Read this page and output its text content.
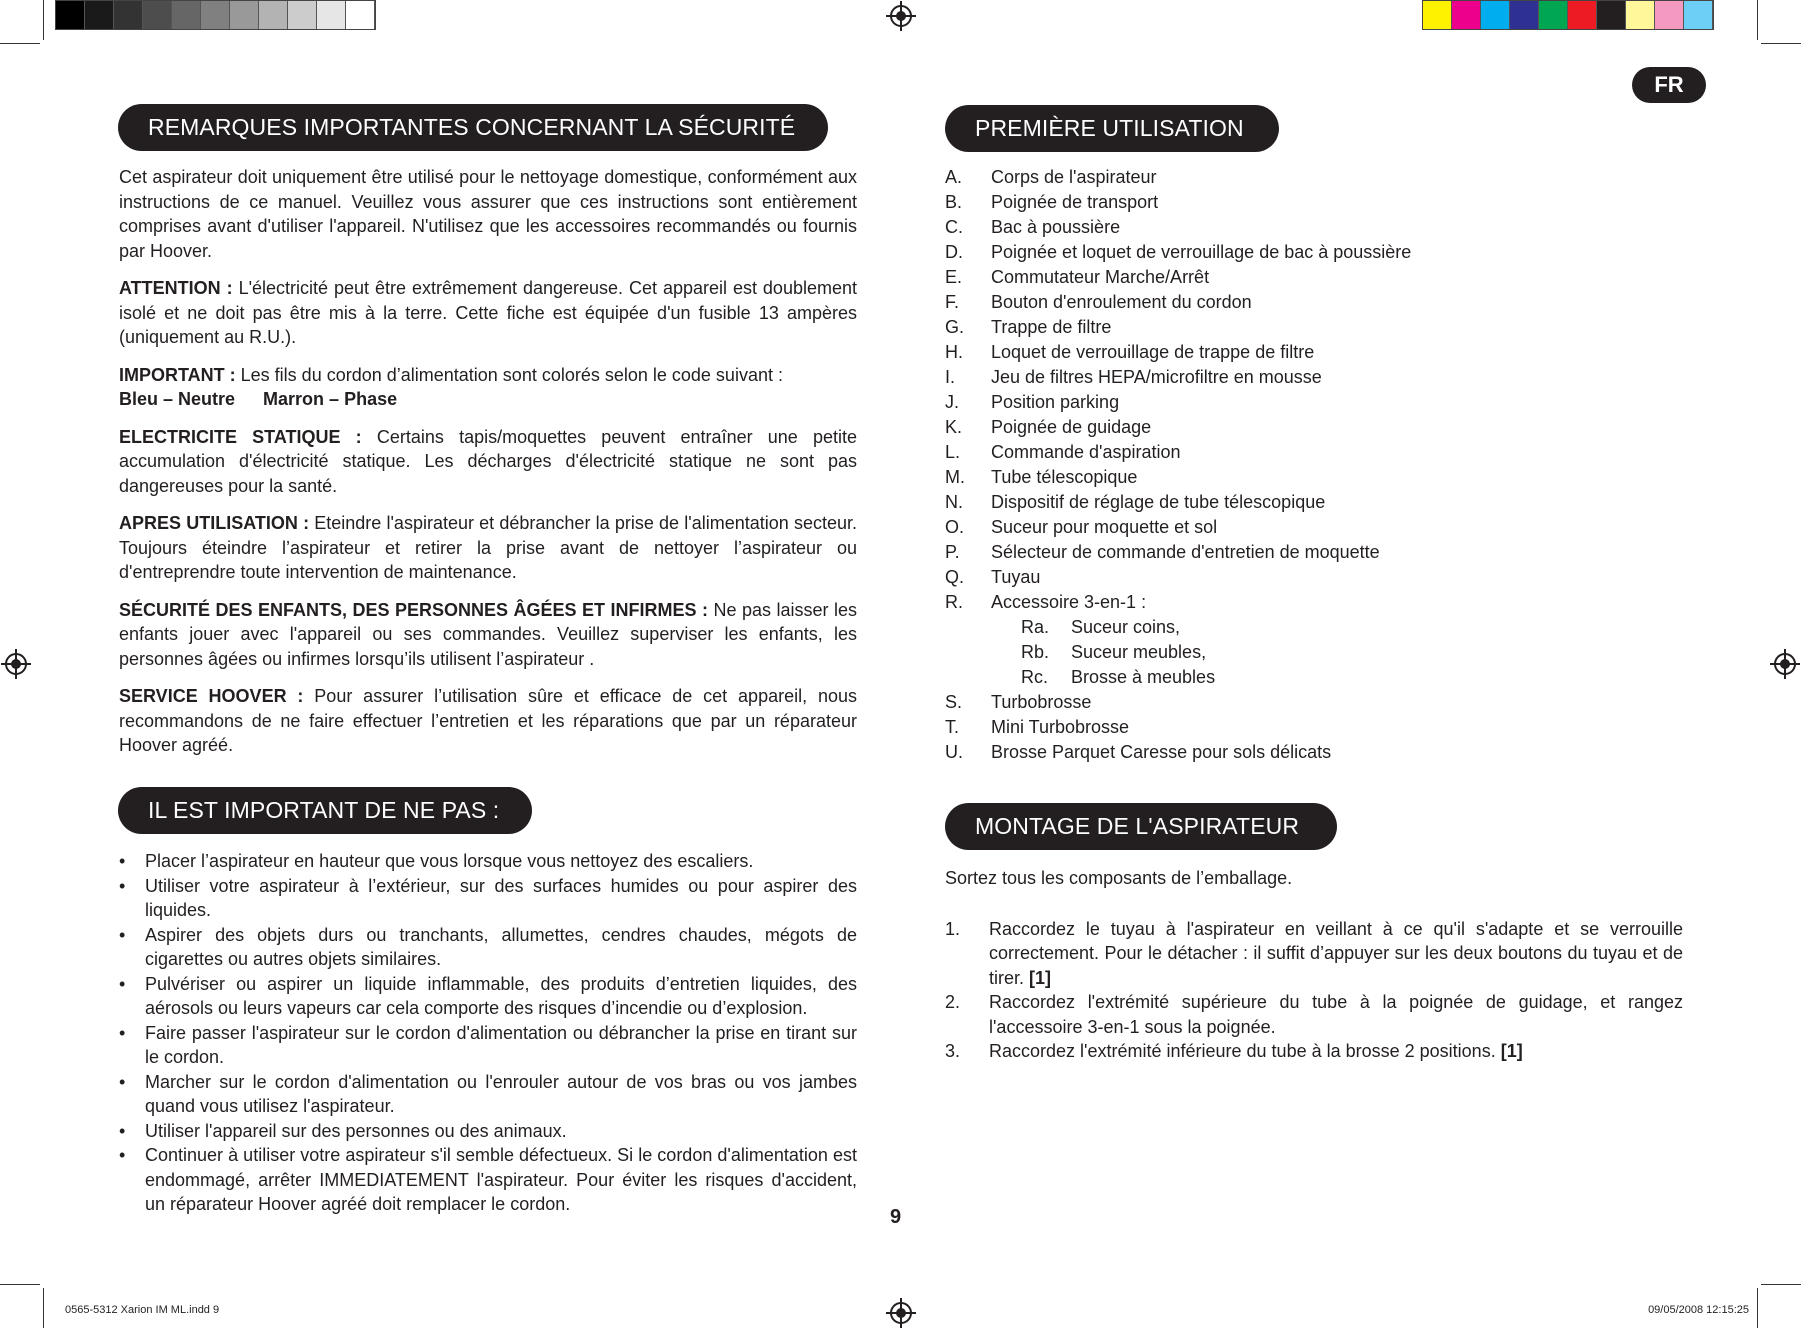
FR
REMARQUES IMPORTANTES CONCERNANT LA SÉCURITÉ

Cet aspirateur doit uniquement être utilisé pour le nettoyage domestique, conformément aux instructions de ce manuel. Veuillez vous assurer que ces instructions sont entièrement comprises avant d'utiliser l'appareil. N'utilisez que les accessoires recommandés ou fournis par Hoover.

ATTENTION : L'électricité peut être extrêmement dangereuse. Cet appareil est doublement isolé et ne doit pas être mis à la terre. Cette fiche est équipée d'un fusible 13 ampères (uniquement au R.U.).

IMPORTANT : Les fils du cordon d’alimentation sont colorés selon le code suivant :
Bleu – Neutre Marron – Phase

ELECTRICITE STATIQUE : Certains tapis/moquettes peuvent entraîner une petite accumulation d'électricité statique. Les décharges d'électricité statique ne sont pas dangereuses pour la santé.

APRES UTILISATION : Eteindre l'aspirateur et débrancher la prise de l'alimentation secteur. Toujours éteindre l’aspirateur et retirer la prise avant de nettoyer l’aspirateur ou d'entreprendre toute intervention de maintenance.

SÉCURITÉ DES ENFANTS, DES PERSONNES ÂGÉES ET INFIRMES : Ne pas laisser les enfants jouer avec l'appareil ou ses commandes. Veuillez superviser les enfants, les personnes âgées ou infirmes lorsqu’ils utilisent l’aspirateur .

SERVICE HOOVER : Pour assurer l’utilisation sûre et efficace de cet appareil, nous recommandons de ne faire effectuer l’entretien et les réparations que par un réparateur Hoover agréé.

IL EST IMPORTANT DE NE PAS :
• Placer l’aspirateur en hauteur que vous lorsque vous nettoyez des escaliers.
• Utiliser votre aspirateur à l’extérieur, sur des surfaces humides ou pour aspirer des liquides.
• Aspirer des objets durs ou tranchants, allumettes, cendres chaudes, mégots de cigarettes ou autres objets similaires.
• Pulvériser ou aspirer un liquide inflammable, des produits d’entretien liquides, des aérosols ou leurs vapeurs car cela comporte des risques d’incendie ou d’explosion.
• Faire passer l'aspirateur sur le cordon d'alimentation ou débrancher la prise en tirant sur le cordon.
• Marcher sur le cordon d'alimentation ou l'enrouler autour de vos bras ou vos jambes quand vous utilisez l'aspirateur.
• Utiliser l'appareil sur des personnes ou des animaux.
• Continuer à utiliser votre aspirateur s'il semble défectueux. Si le cordon d'alimentation est endommagé, arrêter IMMEDIATEMENT l'aspirateur. Pour éviter les risques d'accident, un réparateur Hoover agréé doit remplacer le cordon.
PREMIÈRE UTILISATION
A.	Corps de l'aspirateur
B.	Poignée de transport
C.	Bac à poussière
D.	Poignée et loquet de verrouillage de bac à poussière
E.	Commutateur Marche/Arrêt
F.	Bouton d'enroulement du cordon
G.	Trappe de filtre
H.	Loquet de verrouillage de trappe de filtre
I.	Jeu de filtres HEPA/microfiltre en mousse
J.	Position parking
K.	Poignée de guidage
L.	Commande d'aspiration
M.	Tube télescopique
N.	Dispositif de réglage de tube télescopique
O.	Suceur pour moquette et sol
P.	Sélecteur de commande d'entretien de moquette
Q.	Tuyau
R.	Accessoire 3-en-1 :
Ra.	Suceur coins,
Rb.	Suceur meubles,
Rc.	Brosse à meubles
S.	Turbobrosse
T.	Mini Turbobrosse
U.	Brosse Parquet Caresse pour sols délicats
MONTAGE DE L'ASPIRATEUR

Sortez tous les composants de l’emballage.

1.	Raccordez le tuyau à l'aspirateur en veillant à ce qu'il s'adapte et se verrouille correctement. Pour le détacher : il suffit d’appuyer sur les deux boutons du tuyau et de tirer. [1]
2.	Raccordez l'extrémité supérieure du tube à la poignée de guidage, et rangez l'accessoire 3-en-1 sous la poignée.
3.	Raccordez l'extrémité inférieure du tube à la brosse 2 positions. [1]
9
0565-5312 Xarion IM ML.indd 9	09/05/2008 12:15:25
